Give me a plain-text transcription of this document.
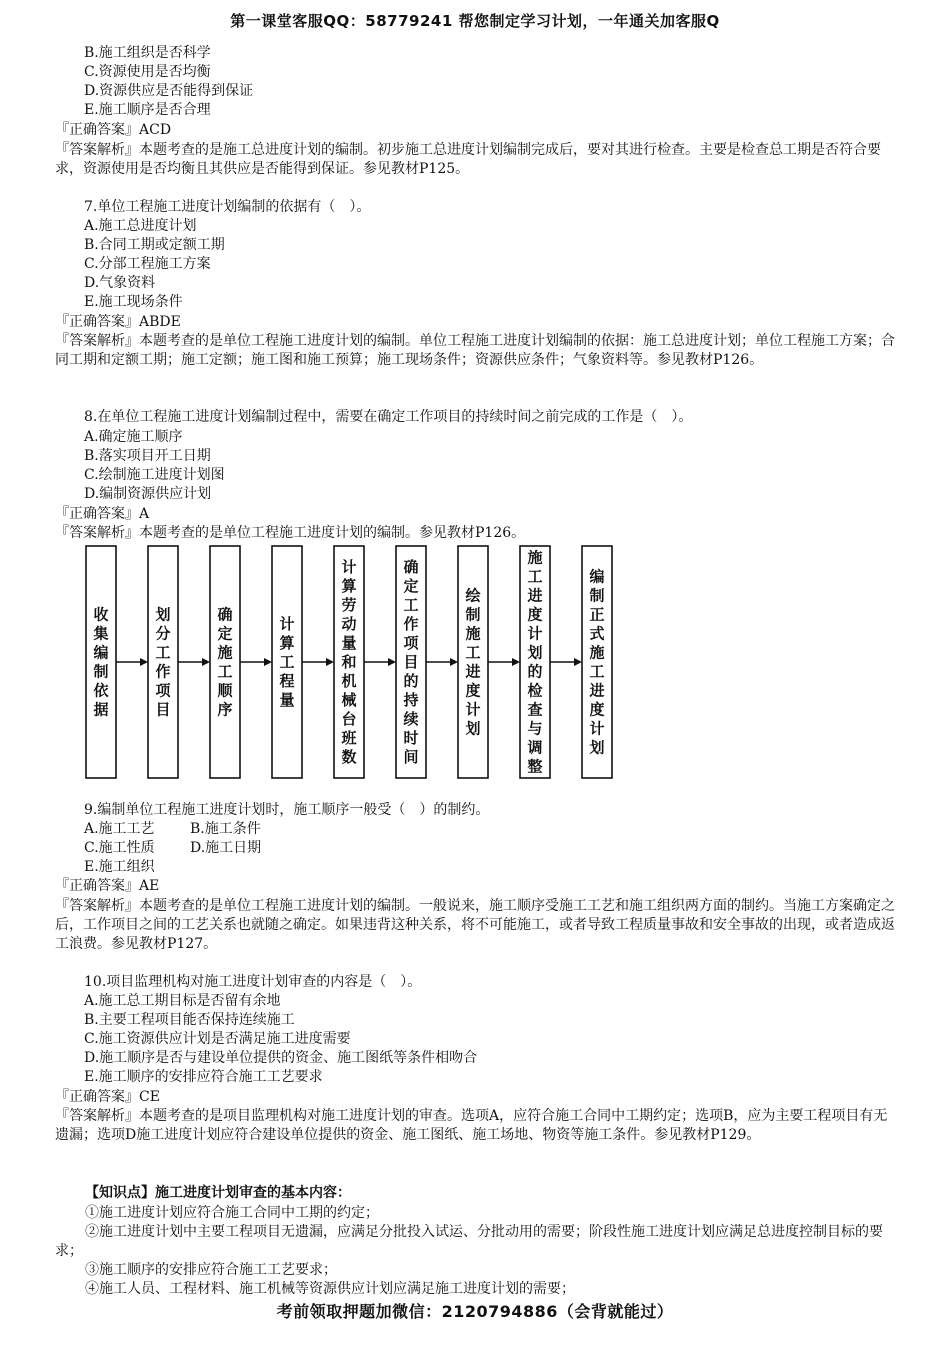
第一课堂客服QQ：58779241 帮您制定学习计划，一年通关加客服Q
B.施工组织是否科学
C.资源使用是否均衡
D.资源供应是否能得到保证
E.施工顺序是否合理
『正确答案』ACD
『答案解析』本题考查的是施工总进度计划的编制。初步施工总进度计划编制完成后，要对其进行检查。主要是检查总工期是否符合要求，资源使用是否均衡且其供应是否能得到保证。参见教材P125。
7.单位工程施工进度计划编制的依据有（　）。
A.施工总进度计划
B.合同工期或定额工期
C.分部工程施工方案
D.气象资料
E.施工现场条件
『正确答案』ABDE
『答案解析』本题考查的是单位工程施工进度计划的编制。单位工程施工进度计划编制的依据：施工总进度计划；单位工程施工方案；合同工期和定额工期；施工定额；施工图和施工预算；施工现场条件；资源供应条件；气象资料等。参见教材P126。
8.在单位工程施工进度计划编制过程中，需要在确定工作项目的持续时间之前完成的工作是（　）。
A.确定施工顺序
B.落实项目开工日期
C.绘制施工进度计划图
D.编制资源供应计划
『正确答案』A
『答案解析』本题考查的是单位工程施工进度计划的编制。参见教材P126。
收集编制依据
划分工作项目
确定施工顺序
计算工程量
计算劳动量和机械台班数
确定工作项目的持续时间
绘制施工进度计划
施工进度计划的检查与调整
编制正式施工进度计划
9.编制单位工程施工进度计划时，施工顺序一般受（　）的制约。
A.施工工艺	B.施工条件
C.施工性质	D.施工日期
E.施工组织
『正确答案』AE
『答案解析』本题考查的是单位工程施工进度计划的编制。一般说来，施工顺序受施工工艺和施工组织两方面的制约。当施工方案确定之后，工作项目之间的工艺关系也就随之确定。如果违背这种关系，将不可能施工，或者导致工程质量事故和安全事故的出现，或者造成返工浪费。参见教材P127。
10.项目监理机构对施工进度计划审查的内容是（　）。
A.施工总工期目标是否留有余地
B.主要工程项目能否保持连续施工
C.施工资源供应计划是否满足施工进度需要
D.施工顺序是否与建设单位提供的资金、施工图纸等条件相吻合
E.施工顺序的安排应符合施工工艺要求
『正确答案』CE
『答案解析』本题考查的是项目监理机构对施工进度计划的审查。选项A，应符合施工合同中工期约定；选项B，应为主要工程项目有无遗漏；选项D施工进度计划应符合建设单位提供的资金、施工图纸、施工场地、物资等施工条件。参见教材P129。
【知识点】施工进度计划审查的基本内容：
①施工进度计划应符合施工合同中工期的约定；
②施工进度计划中主要工程项目无遗漏，应满足分批投入试运、分批动用的需要；阶段性施工进度计划应满足总进度控制目标的要求；
③施工顺序的安排应符合施工工艺要求；
④施工人员、工程材料、施工机械等资源供应计划应满足施工进度计划的需要；
考前领取押题加微信：2120794886（会背就能过）
